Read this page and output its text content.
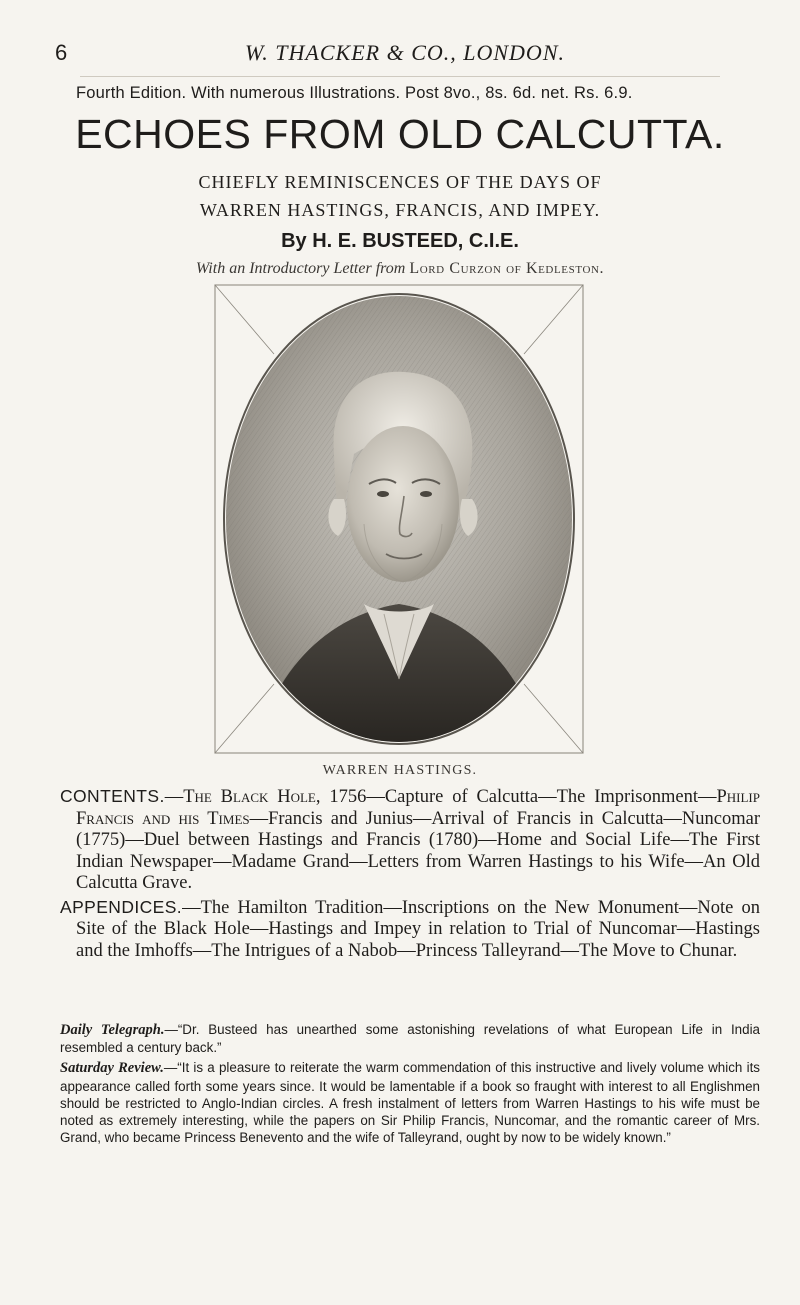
6	W. THACKER & CO., LONDON.
Fourth Edition. With numerous Illustrations. Post 8vo., 8s. 6d. net. Rs. 6.9.
ECHOES FROM OLD CALCUTTA.
CHIEFLY REMINISCENCES OF THE DAYS OF
WARREN HASTINGS, FRANCIS, AND IMPEY.
By H. E. BUSTEED, C.I.E.
With an Introductory Letter from Lord Curzon of Kedleston.
WARREN HASTINGS.

CONTENTS.—The Black Hole, 1756—Capture of Calcutta—The Imprisonment—Philip Francis and his Times—Francis and Junius—Arrival of Francis in Calcutta—Nuncomar (1775)—Duel between Hastings and Francis (1780)—Home and Social Life—The First Indian Newspaper—Madame Grand—Letters from Warren Hastings to his Wife—An Old Calcutta Grave.

APPENDICES.—The Hamilton Tradition—Inscriptions on the New Monument—Note on Site of the Black Hole—Hastings and Impey in relation to Trial of Nuncomar—Hastings and the Imhoffs—The Intrigues of a Nabob—Princess Talleyrand—The Move to Chunar.

Daily Telegraph.—“Dr. Busteed has unearthed some astonishing revelations of what European Life in India resembled a century back.”

Saturday Review.—“It is a pleasure to reiterate the warm commendation of this instructive and lively volume which its appearance called forth some years since. It would be lamentable if a book so fraught with interest to all Englishmen should be restricted to Anglo-Indian circles. A fresh instalment of letters from Warren Hastings to his wife must be noted as extremely interesting, while the papers on Sir Philip Francis, Nuncomar, and the romantic career of Mrs. Grand, who became Princess Benevento and the wife of Talleyrand, ought by now to be widely known.”
